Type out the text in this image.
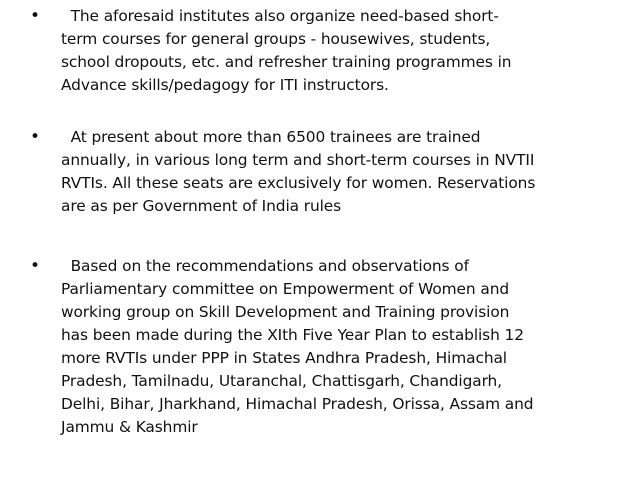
• The aforesaid institutes also organize need-based short-
term courses for general groups - housewives, students,
school dropouts, etc. and refresher training programmes in
Advance skills/pedagogy for ITI instructors.
• At present about more than 6500 trainees are trained
annually, in various long term and short-term courses in NVTII
RVTIs. All these seats are exclusively for women. Reservations
are as per Government of India rules
• Based on the recommendations and observations of
Parliamentary committee on Empowerment of Women and
working group on Skill Development and Training provision
has been made during the XIth Five Year Plan to establish 12
more RVTIs under PPP in States Andhra Pradesh, Himachal
Pradesh, Tamilnadu, Utaranchal, Chattisgarh, Chandigarh,
Delhi, Bihar, Jharkhand, Himachal Pradesh, Orissa, Assam and
Jammu & Kashmir
